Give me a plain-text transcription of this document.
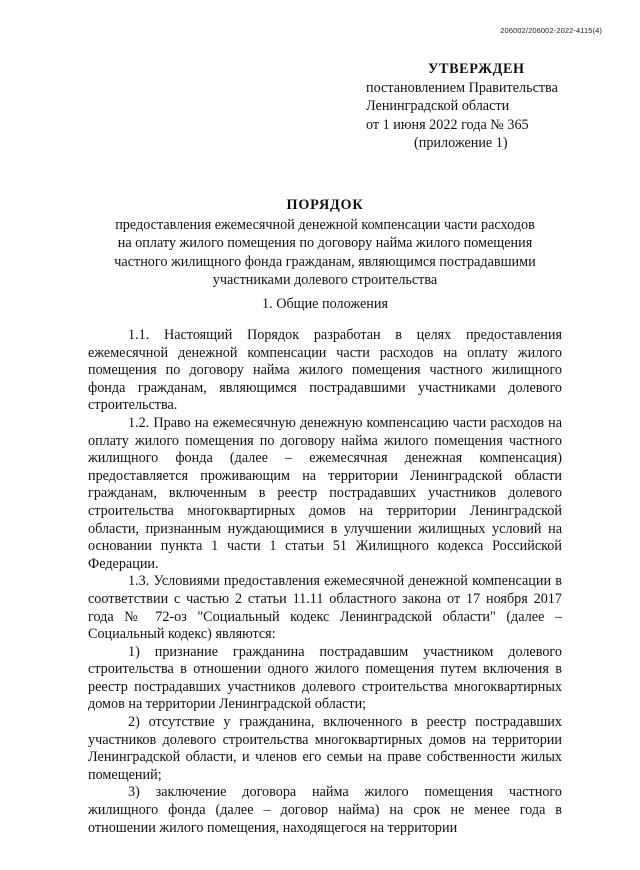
206002/206002-2022-4115(4)
УТВЕРЖДЕН
постановлением Правительства
Ленинградской области
от 1 июня 2022 года № 365
(приложение 1)
ПОРЯДОК
предоставления ежемесячной денежной компенсации части расходов
на оплату жилого помещения по договору найма жилого помещения
частного жилищного фонда гражданам, являющимся пострадавшими
участниками долевого строительства
1. Общие положения

1.1. Настоящий Порядок разработан в целях предоставления ежемесячной денежной компенсации части расходов на оплату жилого помещения по договору найма жилого помещения частного жилищного фонда гражданам, являющимся пострадавшими участниками долевого строительства.

1.2. Право на ежемесячную денежную компенсацию части расходов на оплату жилого помещения по договору найма жилого помещения частного жилищного фонда (далее – ежемесячная денежная компенсация) предоставляется проживающим на территории Ленинградской области гражданам, включенным в реестр пострадавших участников долевого строительства многоквартирных домов на территории Ленинградской области, признанным нуждающимися в улучшении жилищных условий на основании пункта 1 части 1 статьи 51 Жилищного кодекса Российской Федерации.

1.3. Условиями предоставления ежемесячной денежной компенсации в соответствии с частью 2 статьи 11.11 областного закона от 17 ноября 2017 года № 72-оз "Социальный кодекс Ленинградской области" (далее – Социальный кодекс) являются:

1) признание гражданина пострадавшим участником долевого строительства в отношении одного жилого помещения путем включения в реестр пострадавших участников долевого строительства многоквартирных домов на территории Ленинградской области;

2) отсутствие у гражданина, включенного в реестр пострадавших участников долевого строительства многоквартирных домов на территории Ленинградской области, и членов его семьи на праве собственности жилых помещений;

3) заключение договора найма жилого помещения частного жилищного фонда (далее – договор найма) на срок не менее года в отношении жилого помещения, находящегося на территории
